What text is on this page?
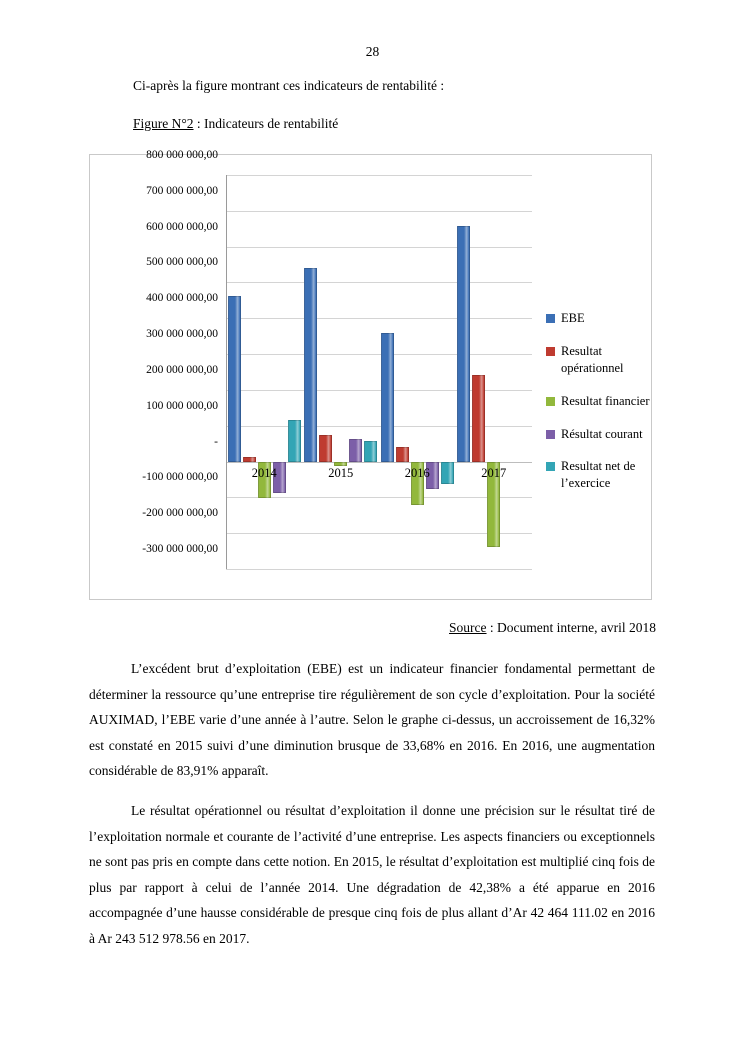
28
Ci-après la figure montrant ces indicateurs de rentabilité :
Figure N°2 : Indicateurs de rentabilité
800 000 000,00
700 000 000,00
600 000 000,00
500 000 000,00
400 000 000,00
300 000 000,00
200 000 000,00
100 000 000,00
-
-100 000 000,00
-200 000 000,00
-300 000 000,00
2014	2015	2016	2017
EBE
Resultat opérationnel
Resultat financier
Résultat courant
Resultat net de l’exercice
Source : Document interne, avril 2018
L’excédent brut d’exploitation (EBE) est un indicateur financier fondamental permettant de déterminer la ressource qu’une entreprise tire régulièrement de son cycle d’exploitation. Pour la société AUXIMAD, l’EBE varie d’une année à l’autre. Selon le graphe ci-dessus, un accroissement de 16,32% est constaté en 2015 suivi d’une diminution brusque de 33,68% en 2016. En 2016, une augmentation considérable de 83,91% apparaît.
Le résultat opérationnel ou résultat d’exploitation il donne une précision sur le résultat tiré de l’exploitation normale et courante de l’activité d’une entreprise. Les aspects financiers ou exceptionnels ne sont pas pris en compte dans cette notion. En 2015, le résultat d’exploitation est multiplié cinq fois de plus par rapport à celui de l’année 2014. Une dégradation de 42,38% a été apparue en 2016 accompagnée d’une hausse considérable de presque cinq fois de plus allant d’Ar 42 464 111.02 en 2016 à Ar 243 512 978.56 en 2017.
